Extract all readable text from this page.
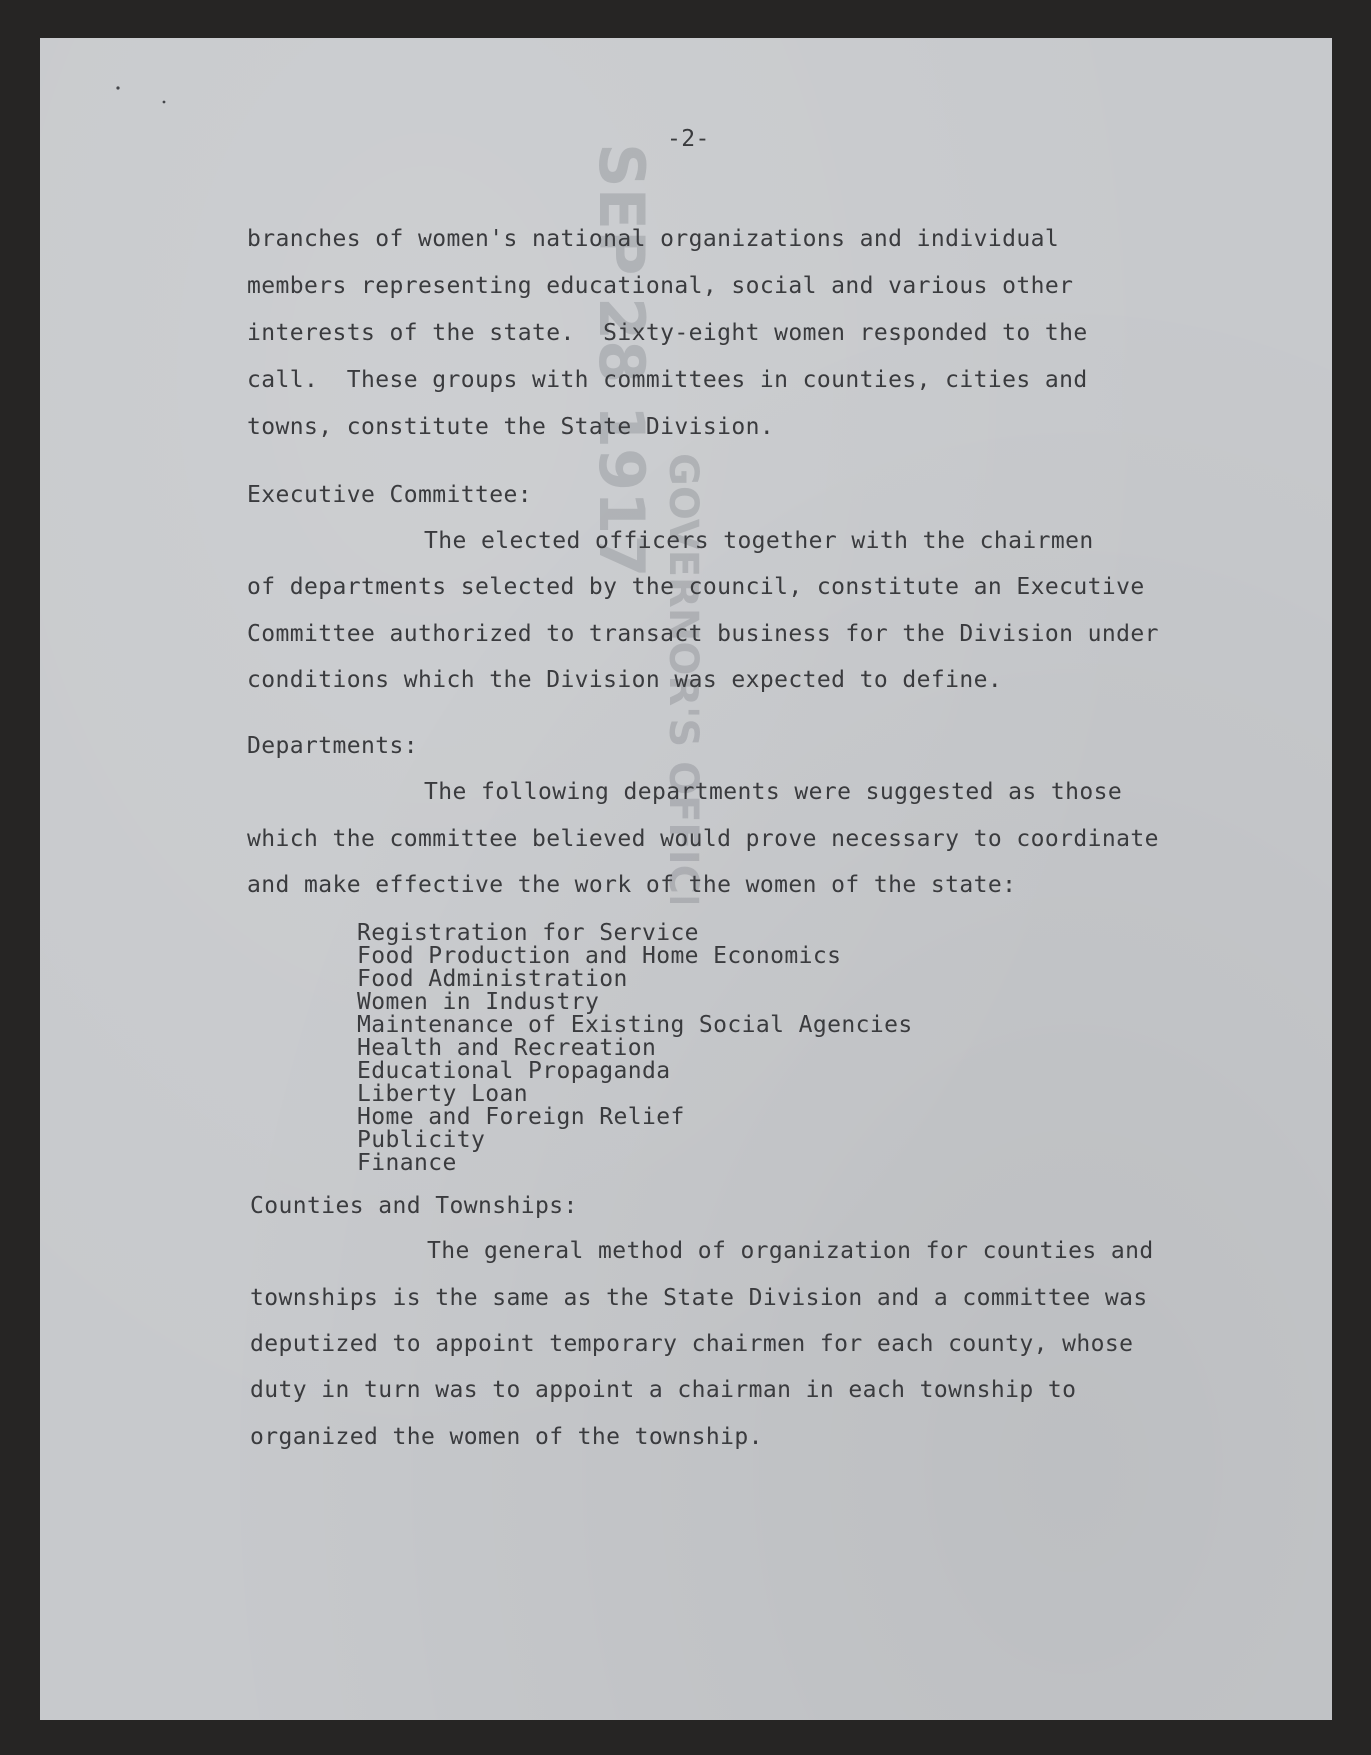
SEP 28 1917
GOVERNOR'S OFFICE
-2-
branches of women's national organizations and individual
members representing educational, social and various other
interests of the state.  Sixty-eight women responded to the
call.  These groups with committees in counties, cities and
towns, constitute the State Division.
Executive Committee:
The elected officers together with the chairmen
of departments selected by the council, constitute an Executive
Committee authorized to transact business for the Division under
conditions which the Division was expected to define.
Departments:
The following departments were suggested as those
which the committee believed would prove necessary to coordinate
and make effective the work of the women of the state:
Registration for Service
Food Production and Home Economics
Food Administration
Women in Industry
Maintenance of Existing Social Agencies
Health and Recreation
Educational Propaganda
Liberty Loan
Home and Foreign Relief
Publicity
Finance
Counties and Townships:
The general method of organization for counties and
townships is the same as the State Division and a committee was
deputized to appoint temporary chairmen for each county, whose
duty in turn was to appoint a chairman in each township to
organized the women of the township.
